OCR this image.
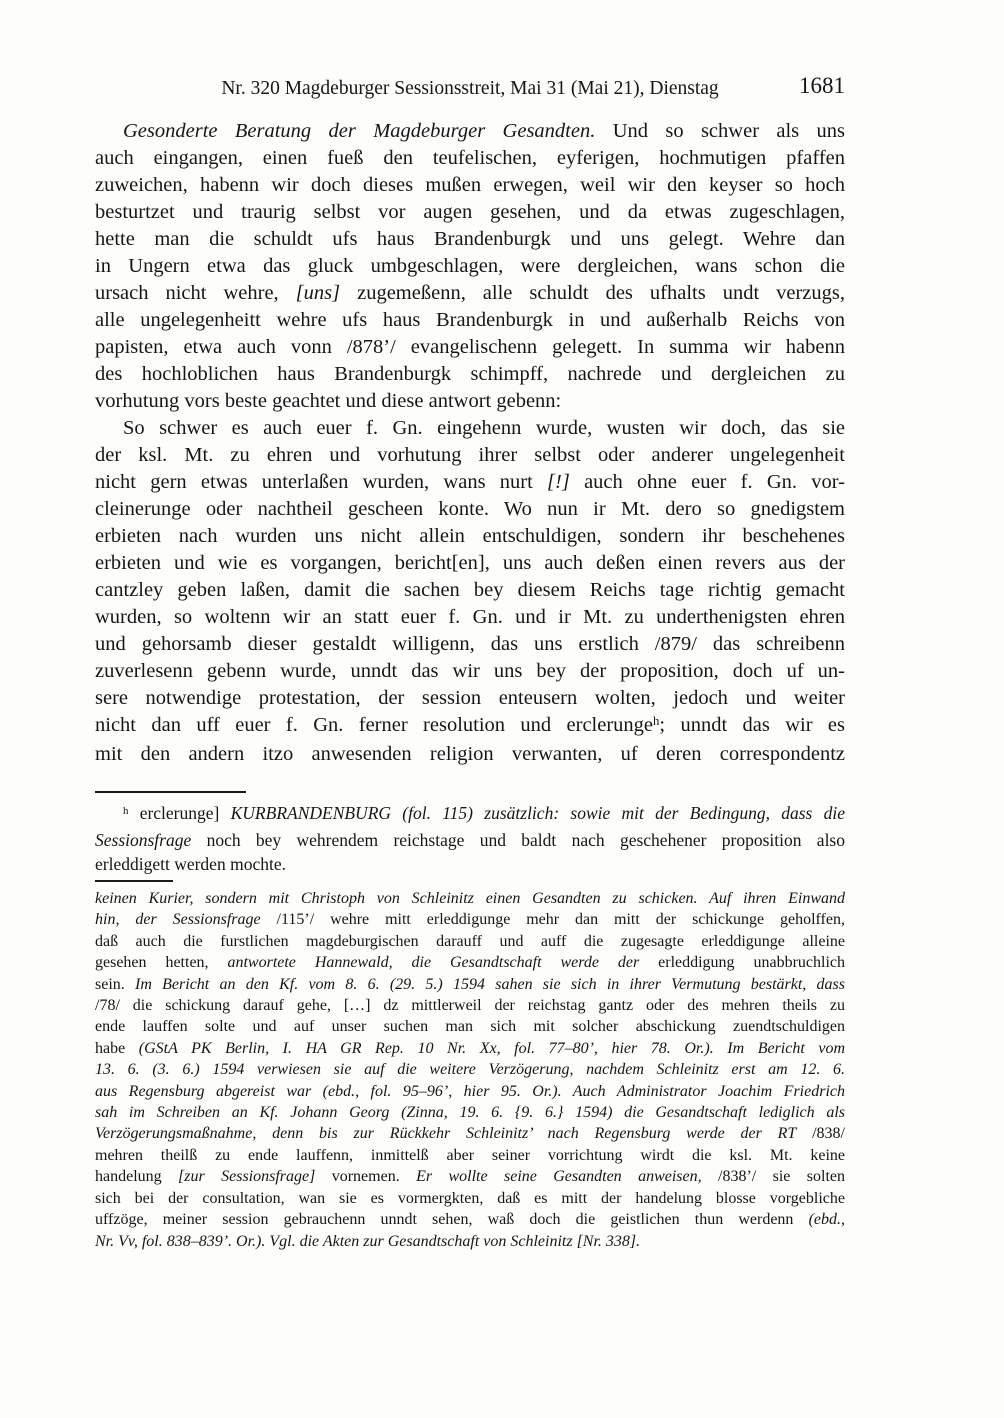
Nr. 320 Magdeburger Sessionsstreit, Mai 31 (Mai 21), Dienstag	1681
Gesonderte Beratung der Magdeburger Gesandten. Und so schwer als uns
auch eingangen, einen fueß den teufelischen, eyferigen, hochmutigen pfaffen
zuweichen, habenn wir doch dieses mußen erwegen, weil wir den keyser so hoch
besturtzet und traurig selbst vor augen gesehen, und da etwas zugeschlagen,
hette man die schuldt ufs haus Brandenburgk und uns gelegt. Wehre dan
in Ungern etwa das gluck umbgeschlagen, were dergleichen, wans schon die
ursach nicht wehre, [uns] zugemeßenn, alle schuldt des ufhalts undt verzugs,
alle ungelegenheitt wehre ufs haus Brandenburgk in und außerhalb Reichs von
papisten, etwa auch vonn /878’/ evangelischenn gelegett. In summa wir habenn
des hochloblichen haus Brandenburgk schimpff, nachrede und dergleichen zu
vorhutung vors beste geachtet und diese antwort gebenn:
So schwer es auch euer f. Gn. eingehenn wurde, wusten wir doch, das sie
der ksl. Mt. zu ehren und vorhutung ihrer selbst oder anderer ungelegenheit
nicht gern etwas unterlaßen wurden, wans nurt [!] auch ohne euer f. Gn. vor-
cleinerunge oder nachtheil gescheen konte. Wo nun ir Mt. dero so gnedigstem
erbieten nach wurden uns nicht allein entschuldigen, sondern ihr beschehenes
erbieten und wie es vorgangen, bericht[en], uns auch deßen einen revers aus der
cantzley geben laßen, damit die sachen bey diesem Reichs tage richtig gemacht
wurden, so woltenn wir an statt euer f. Gn. und ir Mt. zu underthenigsten ehren
und gehorsamb dieser gestaldt willigenn, das uns erstlich /879/ das schreibenn
zuverlesenn gebenn wurde, unndt das wir uns bey der proposition, doch uf un-
sere notwendige protestation, der session enteusern wolten, jedoch und weiter
nicht dan uff euer f. Gn. ferner resolution und erclerunge$^h$; unndt das wir es
mit den andern itzo anwesenden religion verwanten, uf deren correspondentz
$^h$ erclerunge] KURBRANDENBURG (fol. 115) zusätzlich: sowie mit der Bedingung, dass die
Sessionsfrage noch bey wehrendem reichstage und baldt nach geschehener proposition also
erleddigett werden mochte.
keinen Kurier, sondern mit Christoph von Schleinitz einen Gesandten zu schicken. Auf ihren Einwand
hin, der Sessionsfrage /115’/ wehre mitt erleddigunge mehr dan mitt der schickunge geholffen,
daß auch die furstlichen magdeburgischen darauff und auff die zugesagte erleddigunge alleine
gesehen hetten, antwortete Hannewald, die Gesandtschaft werde der erleddigung unabbruchlich
sein. Im Bericht an den Kf. vom 8. 6. (29. 5.) 1594 sahen sie sich in ihrer Vermutung bestärkt, dass
/78/ die schickung darauf gehe, […] dz mittlerweil der reichstag gantz oder des mehren theils zu
ende lauffen solte und auf unser suchen man sich mit solcher abschickung zuendtschuldigen
habe (GStA PK Berlin, I. HA GR Rep. 10 Nr. Xx, fol. 77–80’, hier 78. Or.). Im Bericht vom
13. 6. (3. 6.) 1594 verwiesen sie auf die weitere Verzögerung, nachdem Schleinitz erst am 12. 6.
aus Regensburg abgereist war (ebd., fol. 95–96’, hier 95. Or.). Auch Administrator Joachim Friedrich
sah im Schreiben an Kf. Johann Georg (Zinna, 19. 6. {9. 6.} 1594) die Gesandtschaft lediglich als
Verzögerungsmaßnahme, denn bis zur Rückkehr Schleinitz’ nach Regensburg werde der RT /838/
mehren theilß zu ende lauffenn, inmittelß aber seiner vorrichtung wirdt die ksl. Mt. keine
handelung [zur Sessionsfrage] vornemen. Er wollte seine Gesandten anweisen, /838’/ sie solten
sich bei der consultation, wan sie es vormergkten, daß es mitt der handelung blosse vorgebliche
uffzöge, meiner session gebrauchenn unndt sehen, waß doch die geistlichen thun werdenn (ebd.,
Nr. Vv, fol. 838–839’. Or.). Vgl. die Akten zur Gesandtschaft von Schleinitz [Nr. 338].
